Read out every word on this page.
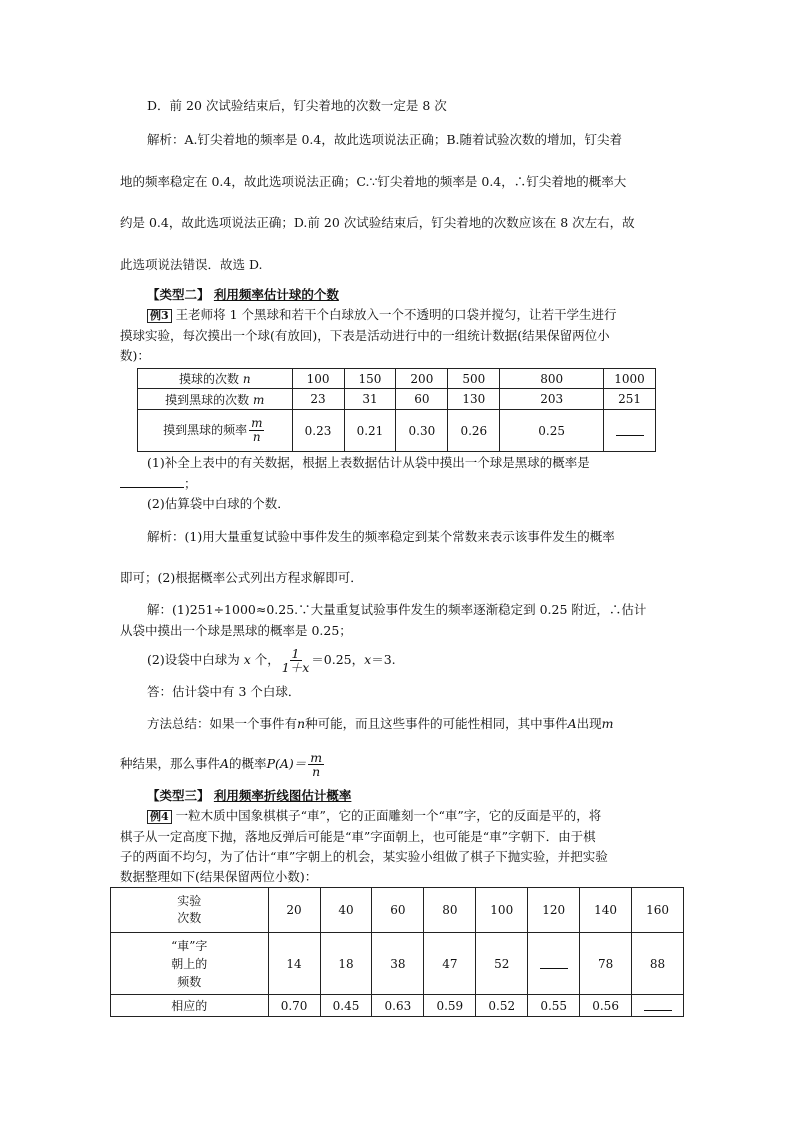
D．前 20 次试验结束后，钉尖着地的次数一定是 8 次
解析：A.钉尖着地的频率是 0.4，故此选项说法正确；B.随着试验次数的增加，钉尖着
地的频率稳定在 0.4，故此选项说法正确；C.∵钉尖着地的频率是 0.4，∴钉尖着地的概率大
约是 0.4，故此选项说法正确；D.前 20 次试验结束后，钉尖着地的次数应该在 8 次左右，故
此选项说法错误．故选 D.
【类型二】 利用频率估计球的个数
例3 王老师将 1 个黑球和若干个白球放入一个不透明的口袋并搅匀，让若干学生进行
摸球实验，每次摸出一个球(有放回)，下表是活动进行中的一组统计数据(结果保留两位小
数)：
摸球的次数 n	100	150	200	500	800	1000
摸到黑球的次数 m	23	31	60	130	203	251
摸到黑球的频率 $\frac{m}{n}$	0.23	0.21	0.30	0.26	0.25	
(1)补全上表中的有关数据，根据上表数据估计从袋中摸出一个球是黑球的概率是
；
(2)估算袋中白球的个数．
解析：(1)用大量重复试验中事件发生的频率稳定到某个常数来表示该事件发生的概率
即可；(2)根据概率公式列出方程求解即可．
解：(1)251÷1000≈0.25.∵大量重复试验事件发生的频率逐渐稳定到 0.25 附近，∴估计
从袋中摸出一个球是黑球的概率是 0.25；
(2)设袋中白球为 x 个， $\frac{1}{1+x} =0.25$，x＝3.
答：估计袋中有 3 个白球．
方法总结：如果一个事件有n种可能，而且这些事件的可能性相同，其中事件A出现m
种结果，那么事件A的概率$P(A)= \frac{m}{n}$
【类型三】 利用频率折线图估计概率
例4 一粒木质中国象棋棋子“車”，它的正面雕刻一个“車”字，它的反面是平的，将
棋子从一定高度下抛，落地反弹后可能是“車”字面朝上，也可能是“車”字朝下．由于棋
子的两面不均匀，为了估计“車”字朝上的机会，某实验小组做了棋子下抛实验，并把实验
数据整理如下(结果保留两位小数)：
实验
次数	20	40	60	80	100	120	140	160

“車”字
朝上的
频数	14	18	38	47	52		78	88
相应的	0.70	0.45	0.63	0.59	0.52	0.55	0.56	
